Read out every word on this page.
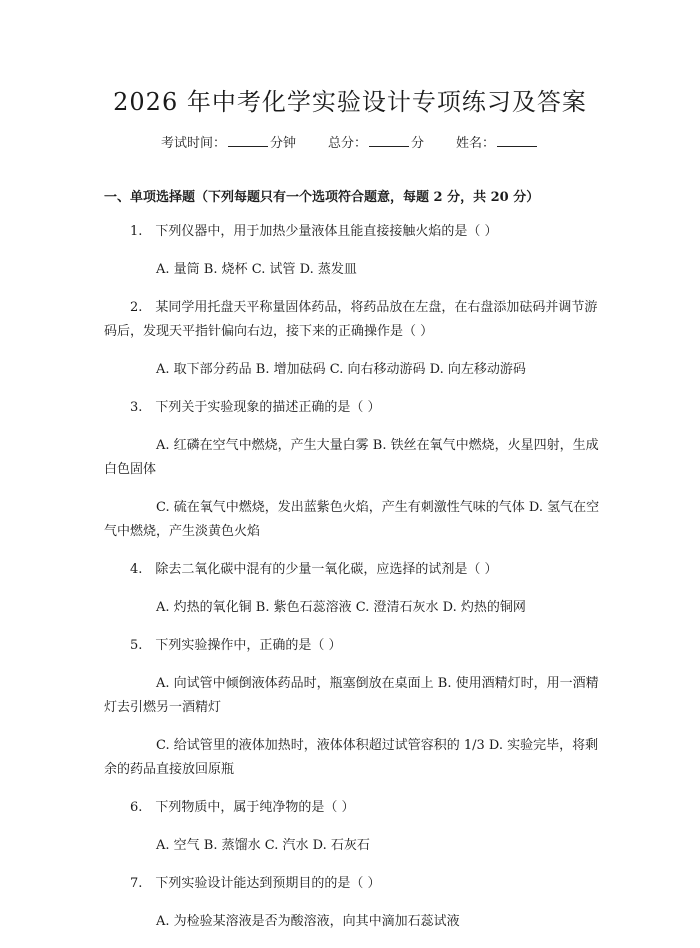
2026 年中考化学实验设计专项练习及答案
考试时间：	分钟 总分：	分 姓名：

一、单项选择题（下列每题只有一个选项符合题意，每题 2 分，共 20 分）

1.　下列仪器中，用于加热少量液体且能直接接触火焰的是（ ）

A. 量筒 B. 烧杯 C. 试管 D. 蒸发皿

2.　某同学用托盘天平称量固体药品，将药品放在左盘，在右盘添加砝码并调节游码后，发现天平指针偏向右边，接下来的正确操作是（ ）

A. 取下部分药品 B. 增加砝码 C. 向右移动游码 D. 向左移动游码

3.　下列关于实验现象的描述正确的是（ ）

A. 红磷在空气中燃烧，产生大量白雾 B. 铁丝在氧气中燃烧，火星四射，生成白色固体

C. 硫在氧气中燃烧，发出蓝紫色火焰，产生有刺激性气味的气体 D. 氢气在空气中燃烧，产生淡黄色火焰

4.　除去二氧化碳中混有的少量一氧化碳，应选择的试剂是（ ）

A. 灼热的氧化铜 B. 紫色石蕊溶液 C. 澄清石灰水 D. 灼热的铜网

5.　下列实验操作中，正确的是（ ）

A. 向试管中倾倒液体药品时，瓶塞倒放在桌面上 B. 使用酒精灯时，用一酒精灯去引燃另一酒精灯

C. 给试管里的液体加热时，液体体积超过试管容积的 1/3 D. 实验完毕，将剩余的药品直接放回原瓶

6.　下列物质中，属于纯净物的是（ ）

A. 空气 B. 蒸馏水 C. 汽水 D. 石灰石

7.　下列实验设计能达到预期目的的是（ ）

A. 为检验某溶液是否为酸溶液，向其中滴加石蕊试液
